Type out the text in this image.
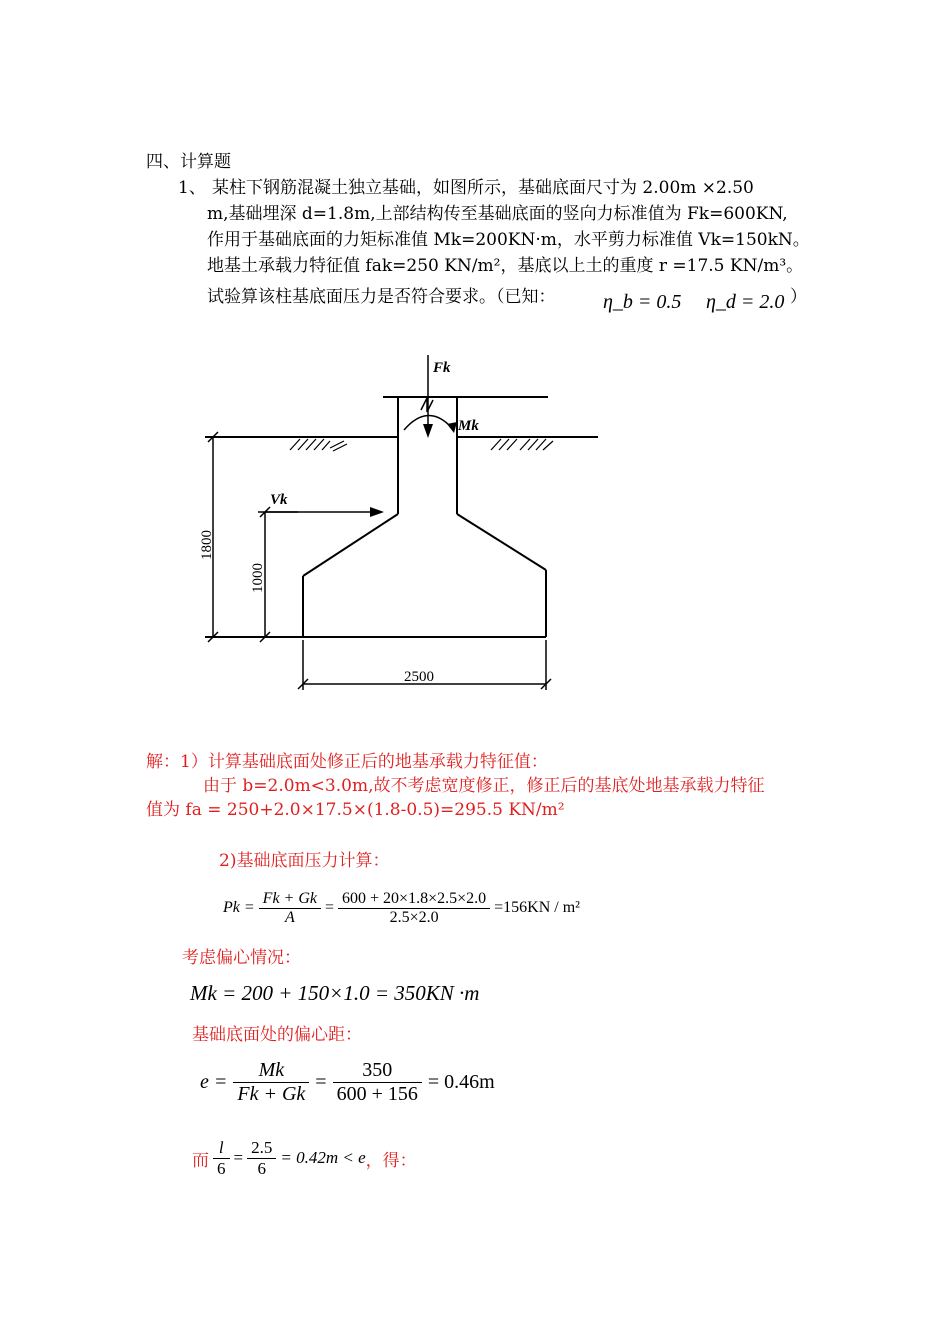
四、计算题
1、 某柱下钢筋混凝土独立基础，如图所示，基础底面尺寸为 2.00m ×2.50
m,基础埋深 d=1.8m,上部结构传至基础底面的竖向力标准值为 Fk=600KN,
作用于基础底面的力矩标准值 Mk=200KN·m，水平剪力标准值 Vk=150kN。
地基土承载力特征值 fak=250 KN/m²，基底以上土的重度 r =17.5 KN/m³。
试验算该柱基底面压力是否符合要求。（已知： η_b = 0.5 η_d = 2.0 ）
Fk
Mk
Vk
1800
1000
2500
解：1）计算基础底面处修正后的地基承载力特征值：
由于 b=2.0m<3.0m,故不考虑宽度修正，修正后的基底处地基承载力特征
值为 fa = 250+2.0×17.5×(1.8-0.5)=295.5 KN/m²
2)基础底面压力计算：
$Pk = \frac{Fk + Gk}{A} = \frac{600 + 20\times 1.8\times 2.5\times 2.0}{2.5\times 2.0} =156KN / m^2$
考虑偏心情况：
Mk = 200 + 150×1.0 = 350KN ·m
基础底面处的偏心距：
$e = \frac{Mk}{Fk + Gk} = \frac{350}{600 + 156} = 0.46m$
而 $\frac{l}{6} = \frac{2.5}{6} = 0.42m < e$ ，得：
